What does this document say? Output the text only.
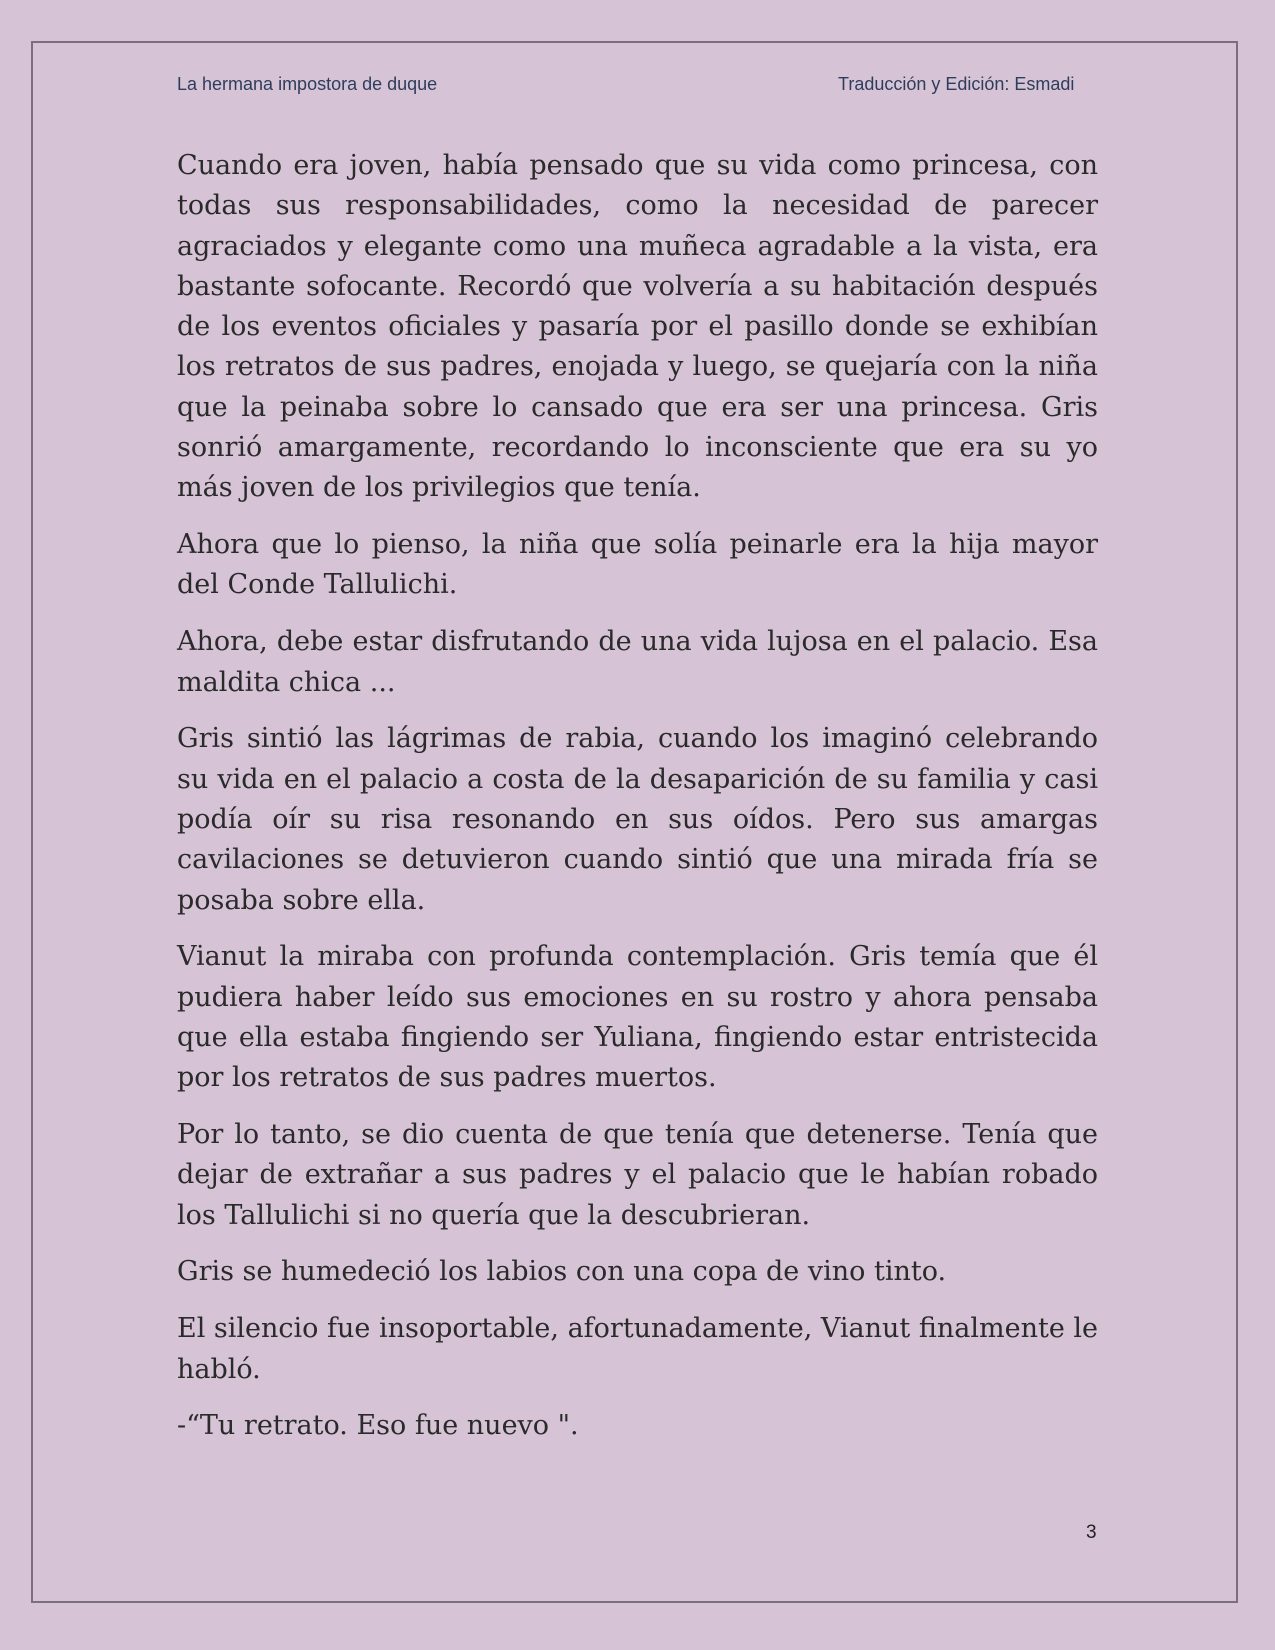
La hermana impostora de duque	Traducción y Edición: Esmadi

Cuando era joven, había pensado que su vida como princesa, con todas sus responsabilidades, como la necesidad de parecer agraciados y elegante como una muñeca agradable a la vista, era bastante sofocante. Recordó que volvería a su habitación después de los eventos oficiales y pasaría por el pasillo donde se exhibían los retratos de sus padres, enojada y luego, se quejaría con la niña que la peinaba sobre lo cansado que era ser una princesa. Gris sonrió amargamente, recordando lo inconsciente que era su yo más joven de los privilegios que tenía.

Ahora que lo pienso, la niña que solía peinarle era la hija mayor del Conde Tallulichi.

Ahora, debe estar disfrutando de una vida lujosa en el palacio. Esa maldita chica ...

Gris sintió las lágrimas de rabia, cuando los imaginó celebrando su vida en el palacio a costa de la desaparición de su familia y casi podía oír su risa resonando en sus oídos. Pero sus amargas cavilaciones se detuvieron cuando sintió que una mirada fría se posaba sobre ella.

Vianut la miraba con profunda contemplación. Gris temía que él pudiera haber leído sus emociones en su rostro y ahora pensaba que ella estaba fingiendo ser Yuliana, fingiendo estar entristecida por los retratos de sus padres muertos.

Por lo tanto, se dio cuenta de que tenía que detenerse. Tenía que dejar de extrañar a sus padres y el palacio que le habían robado los Tallulichi si no quería que la descubrieran.

Gris se humedeció los labios con una copa de vino tinto.

El silencio fue insoportable, afortunadamente, Vianut finalmente le habló.

-“Tu retrato. Eso fue nuevo ".

3
